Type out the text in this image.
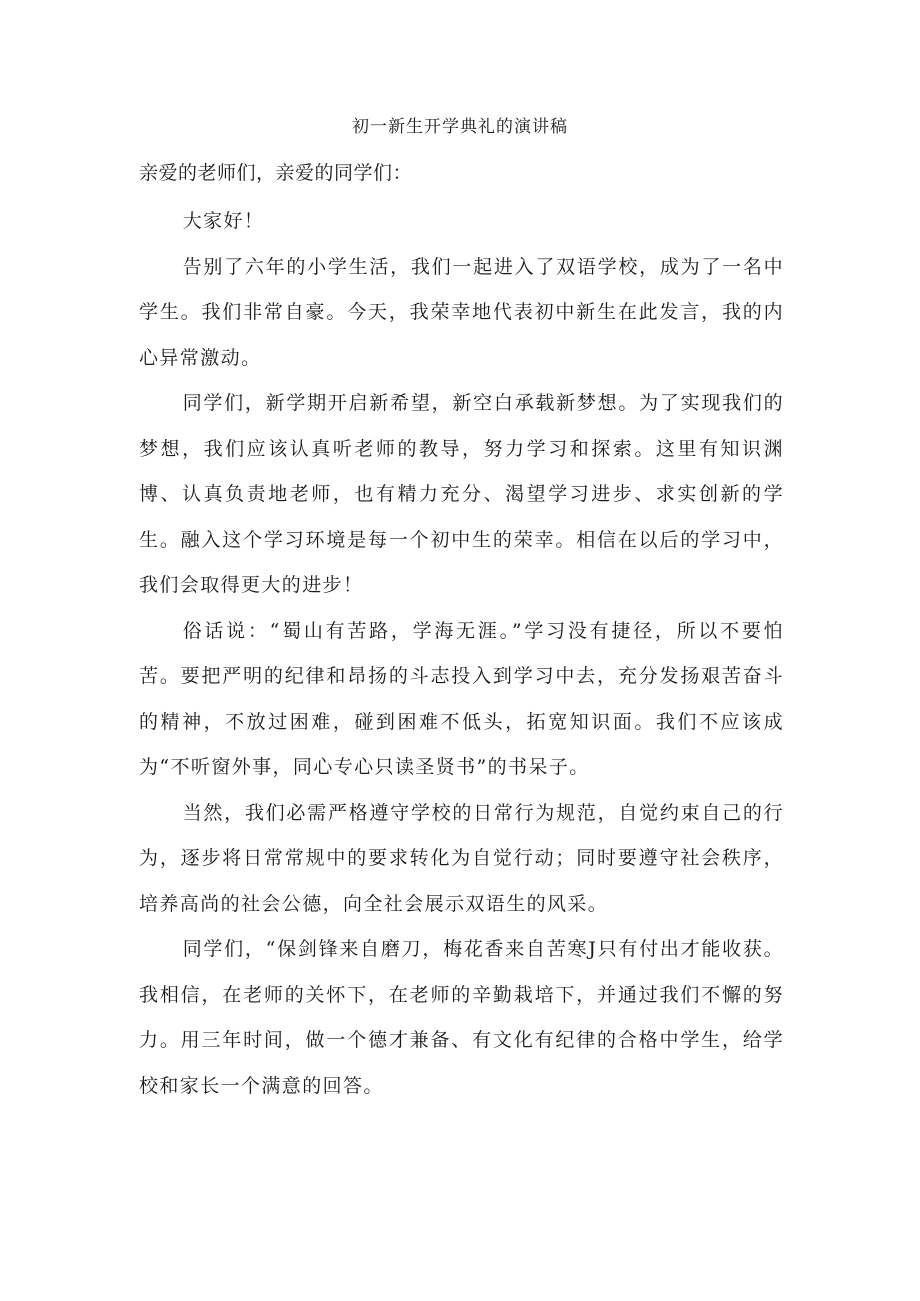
初一新生开学典礼的演讲稿
亲爱的老师们，亲爱的同学们：

大家好！

告别了六年的小学生活，我们一起进入了双语学校，成为了一名中学生。我们非常自豪。今天，我荣幸地代表初中新生在此发言，我的内心异常激动。

同学们，新学期开启新希望，新空白承载新梦想。为了实现我们的梦想，我们应该认真听老师的教导，努力学习和探索。这里有知识渊博、认真负责地老师，也有精力充分、渴望学习进步、求实创新的学生。融入这个学习环境是每一个初中生的荣幸。相信在以后的学习中，我们会取得更大的进步！

俗话说：“蜀山有苦路，学海无涯。”学习没有捷径，所以不要怕苦。要把严明的纪律和昂扬的斗志投入到学习中去，充分发扬艰苦奋斗的精神，不放过困难，碰到困难不低头，拓宽知识面。我们不应该成为“不听窗外事，同心专心只读圣贤书”的书呆子。

当然，我们必需严格遵守学校的日常行为规范，自觉约束自己的行为，逐步将日常常规中的要求转化为自觉行动；同时要遵守社会秩序，培养高尚的社会公德，向全社会展示双语生的风采。

同学们，“保剑锋来自磨刀，梅花香来自苦寒J只有付出才能收获。我相信，在老师的关怀下，在老师的辛勤栽培下，并通过我们不懈的努力。用三年时间，做一个德才兼备、有文化有纪律的合格中学生，给学校和家长一个满意的回答。
